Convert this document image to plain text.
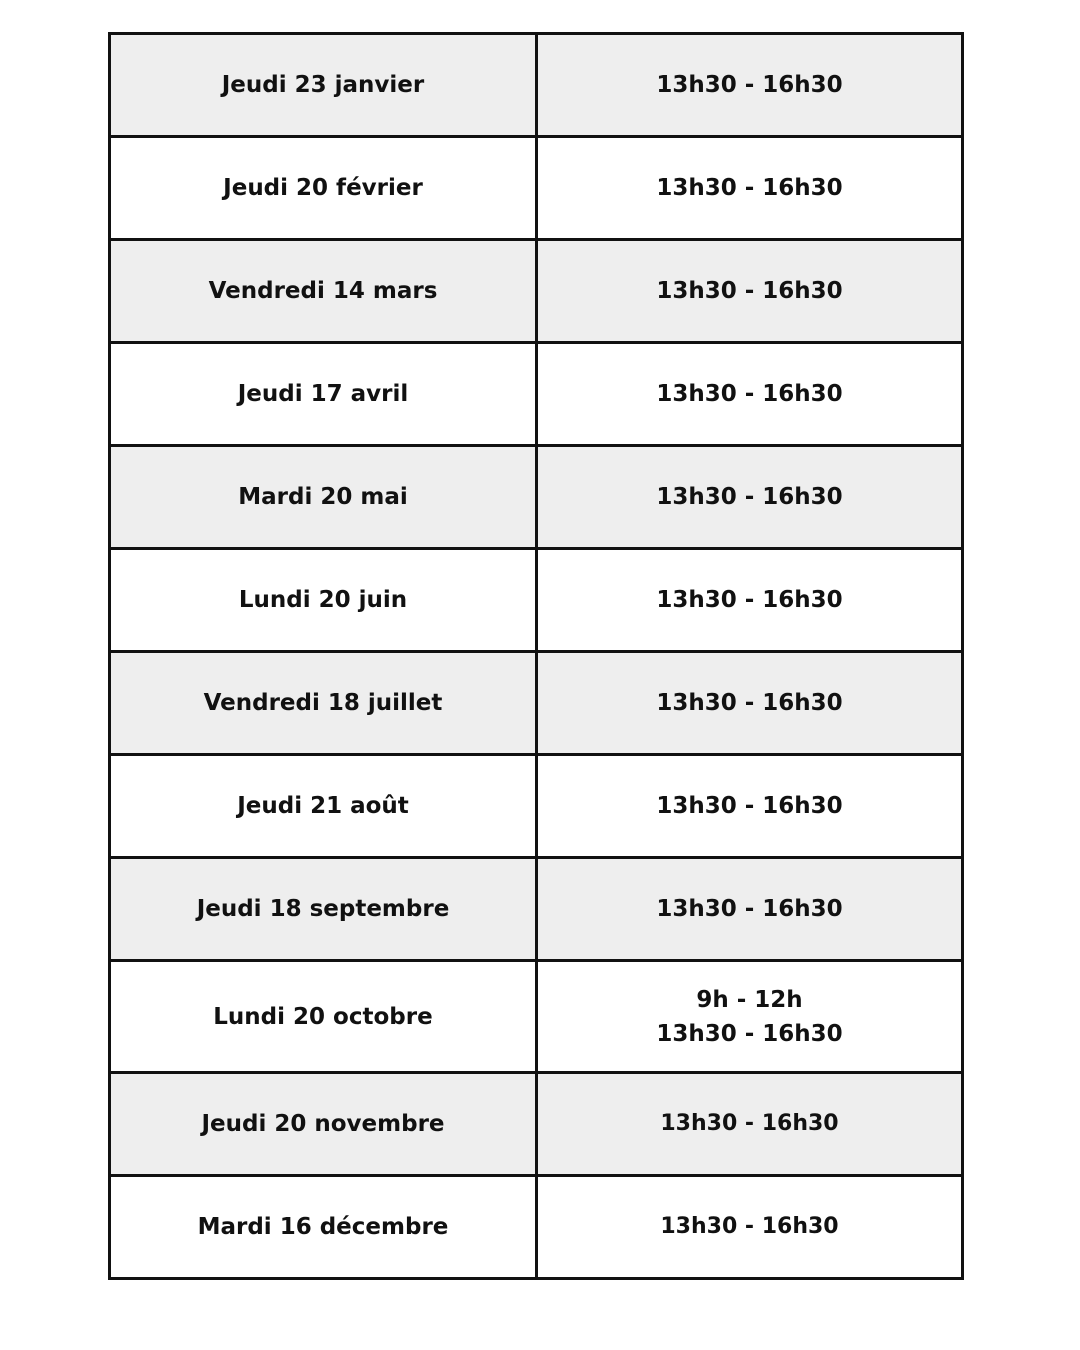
Jeudi 23 janvier	13h30 - 16h30

Jeudi 20 février	13h30 - 16h30

Vendredi 14 mars	13h30 - 16h30

Jeudi 17 avril	13h30 - 16h30

Mardi 20 mai	13h30 - 16h30

Lundi 20 juin	13h30 - 16h30

Vendredi 18 juillet	13h30 - 16h30

Jeudi 21 août	13h30 - 16h30

Jeudi 18 septembre	13h30 - 16h30

Lundi 20 octobre	9h - 12h
13h30 - 16h30

Jeudi 20 novembre	13h30 - 16h30

Mardi 16 décembre	13h30 - 16h30
